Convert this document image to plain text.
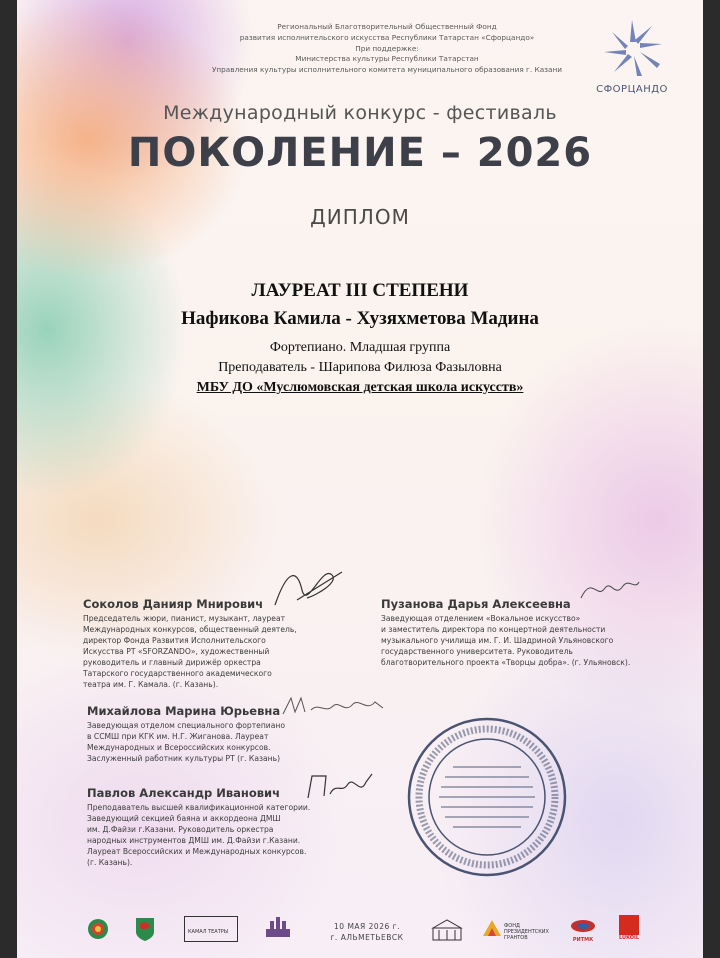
Региональный Благотворительный Общественный Фонд
развития исполнительского искусства Республики Татарстан «Сфорцандо»
При поддержке:
Министерства культуры Республики Татарстан
Управления культуры исполнительного комитета муниципального образования г. Казани
СФОРЦАНДО
Международный конкурс - фестиваль
ПОКОЛЕНИЕ – 2026
ДИПЛОМ
ЛАУРЕАТ III СТЕПЕНИ
Нафикова Камила - Хузяхметова Мадина
Фортепиано. Младшая группа
Преподаватель - Шарипова Филюза Фазыловна
МБУ ДО «Муслюмовская детская школа искусств»
Соколов Данияр Мнирович
Председатель жюри, пианист, музыкант, лауреат
Международных конкурсов, общественный деятель,
директор Фонда Развития Исполнительского
Искусства РТ «SFORZANDO», художественный
руководитель и главный дирижёр оркестра
Татарского государственного академического
театра им. Г. Камала. (г. Казань).
Пузанова Дарья Алексеевна
Заведующая отделением «Вокальное искусство»
и заместитель директора по концертной деятельности
музыкального училища им. Г. И. Шадриной Ульяновского
государственного университета. Руководитель
благотворительного проекта «Творцы добра». (г. Ульяновск).
Михайлова Марина Юрьевна
Заведующая отделом специального фортепиано
в ССМШ при КГК им. Н.Г. Жиганова. Лауреат
Международных и Всероссийских конкурсов.
Заслуженный работник культуры РТ (г. Казань)
Павлов Александр Иванович
Преподаватель высшей квалификационной категории.
Заведующий секцией баяна и аккордеона ДМШ
им. Д.Файзи г.Казани. Руководитель оркестра
народных инструментов ДМШ им. Д.Файзи г.Казани.
Лауреат Всероссийских и Международных конкурсов.
(г. Казань).
КАМАЛ ТЕАТРЫ
10 МАЯ 2026 г.
г. АЛЬМЕТЬЕВСК
ФОНД ПРЕЗИДЕНТСКИХ ГРАНТОВ	РИТМК	LUKOIL
